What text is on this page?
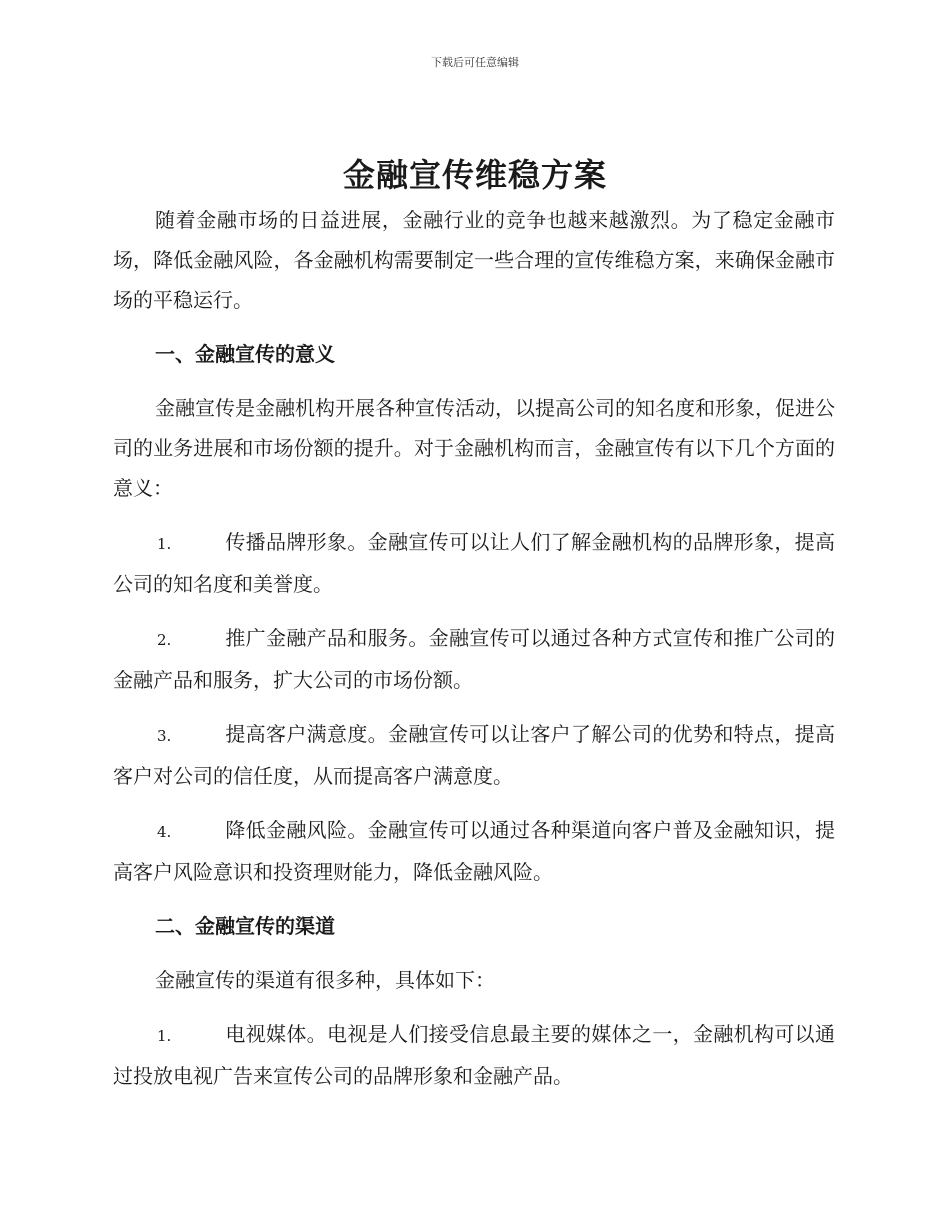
下载后可任意编辑
金融宣传维稳方案

随着金融市场的日益进展，金融行业的竞争也越来越激烈。为了稳定金融市场，降低金融风险，各金融机构需要制定一些合理的宣传维稳方案，来确保金融市场的平稳运行。

一、金融宣传的意义

金融宣传是金融机构开展各种宣传活动，以提高公司的知名度和形象，促进公司的业务进展和市场份额的提升。对于金融机构而言，金融宣传有以下几个方面的意义：

1.	传播品牌形象。金融宣传可以让人们了解金融机构的品牌形象，提高公司的知名度和美誉度。
2.	推广金融产品和服务。金融宣传可以通过各种方式宣传和推广公司的金融产品和服务，扩大公司的市场份额。
3.	提高客户满意度。金融宣传可以让客户了解公司的优势和特点，提高客户对公司的信任度，从而提高客户满意度。
4.	降低金融风险。金融宣传可以通过各种渠道向客户普及金融知识，提高客户风险意识和投资理财能力，降低金融风险。
二、金融宣传的渠道

金融宣传的渠道有很多种，具体如下：

1.	电视媒体。电视是人们接受信息最主要的媒体之一，金融机构可以通过投放电视广告来宣传公司的品牌形象和金融产品。
